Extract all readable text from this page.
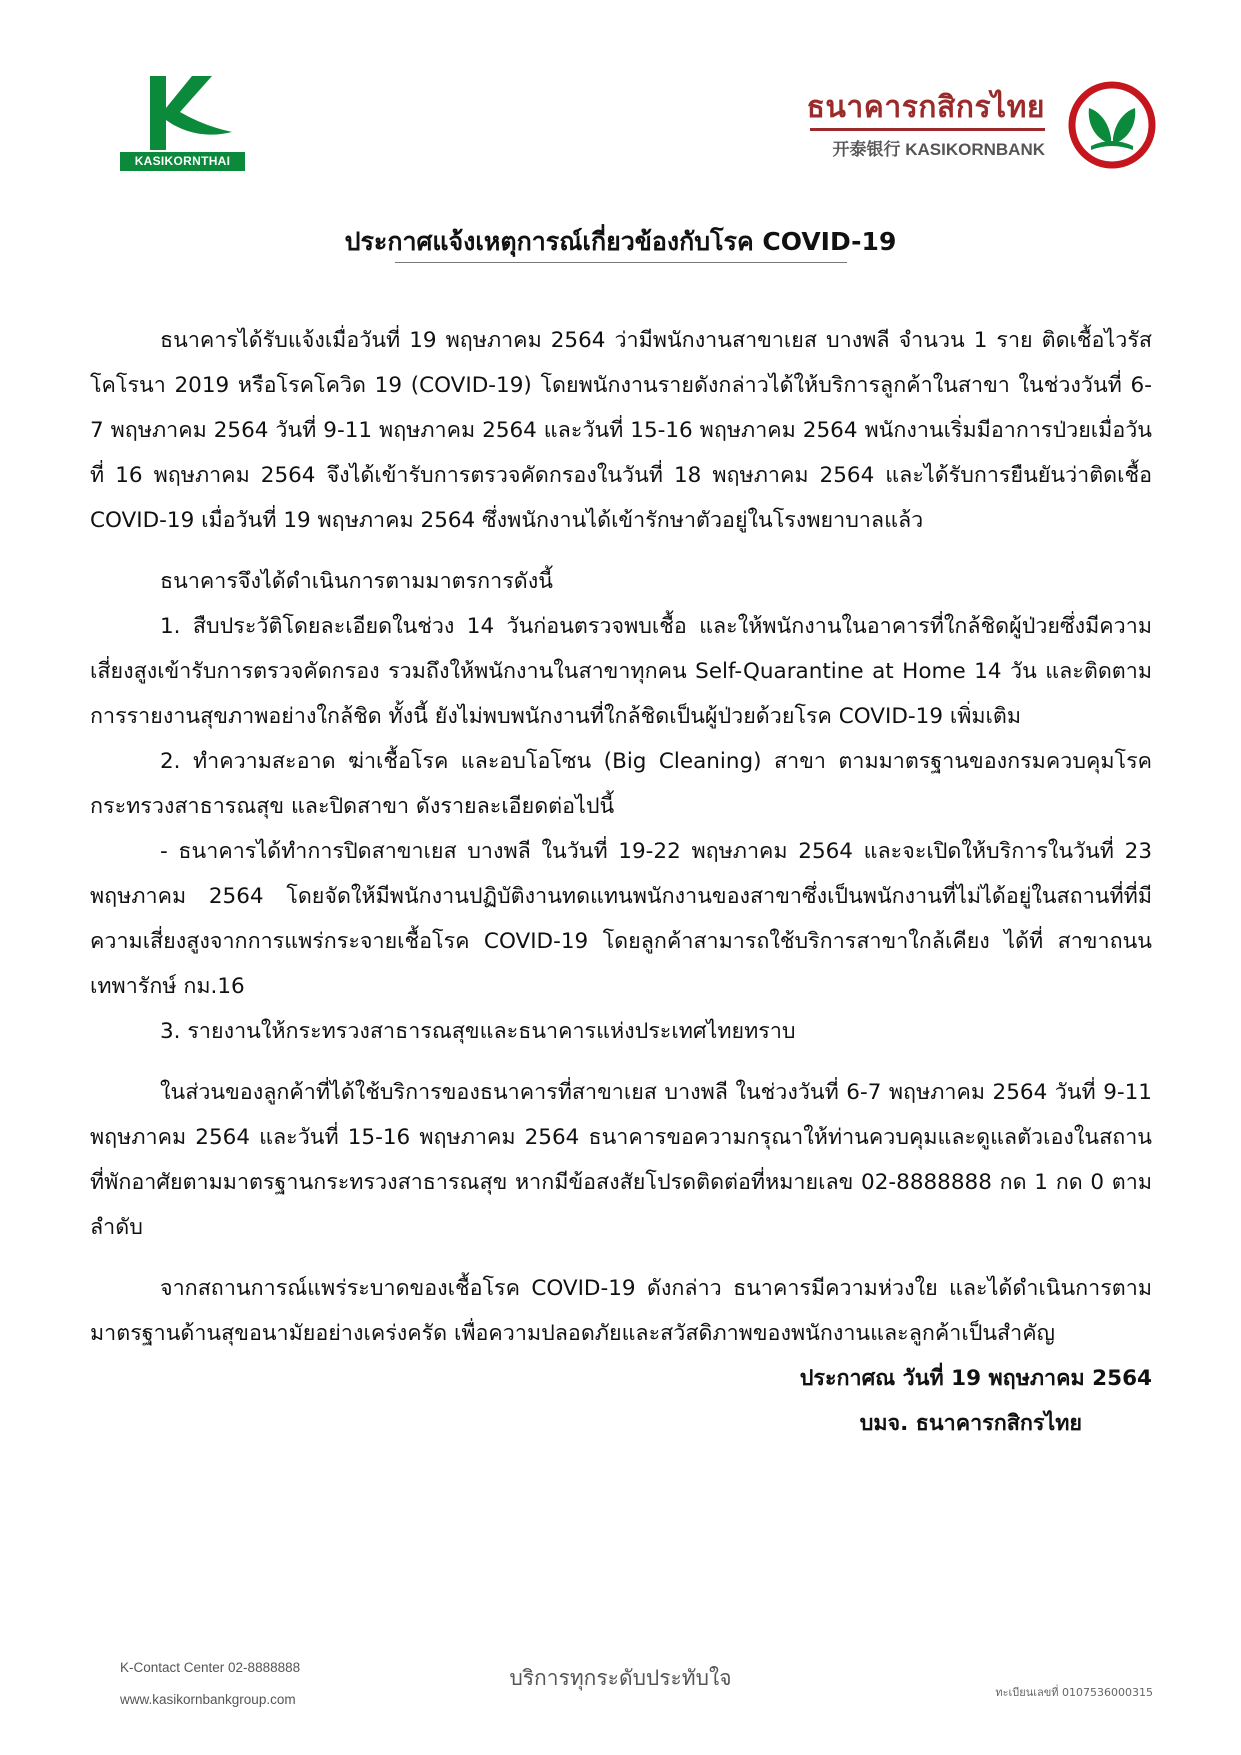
KASIKORNTHAI
ธนาคารกสิกรไทย
开泰银行 KASIKORNBANK
ประกาศแจ้งเหตุการณ์เกี่ยวข้องกับโรค COVID-19

ธนาคารได้รับแจ้งเมื่อวันที่ 19 พฤษภาคม 2564 ว่ามีพนักงานสาขาเยส บางพลี จำนวน 1 ราย ติดเชื้อไวรัสโคโรนา 2019 หรือโรคโควิด 19 (COVID-19) โดยพนักงานรายดังกล่าวได้ให้บริการลูกค้าในสาขา ในช่วงวันที่ 6-7 พฤษภาคม 2564 วันที่ 9-11 พฤษภาคม 2564 และวันที่ 15-16 พฤษภาคม 2564 พนักงานเริ่มมีอาการป่วยเมื่อวันที่ 16 พฤษภาคม 2564 จึงได้เข้ารับการตรวจคัดกรองในวันที่ 18 พฤษภาคม 2564 และได้รับการยืนยันว่าติดเชื้อ COVID-19 เมื่อวันที่ 19 พฤษภาคม 2564 ซึ่งพนักงานได้เข้ารักษาตัวอยู่ในโรงพยาบาลแล้ว

ธนาคารจึงได้ดำเนินการตามมาตรการดังนี้

1. สืบประวัติโดยละเอียดในช่วง 14 วันก่อนตรวจพบเชื้อ และให้พนักงานในอาคารที่ใกล้ชิดผู้ป่วยซึ่งมีความเสี่ยงสูงเข้ารับการตรวจคัดกรอง รวมถึงให้พนักงานในสาขาทุกคน Self-Quarantine at Home 14 วัน และติดตามการรายงานสุขภาพอย่างใกล้ชิด ทั้งนี้ ยังไม่พบพนักงานที่ใกล้ชิดเป็นผู้ป่วยด้วยโรค COVID-19 เพิ่มเติม

2. ทำความสะอาด ฆ่าเชื้อโรค และอบโอโซน (Big Cleaning) สาขา ตามมาตรฐานของกรมควบคุมโรค กระทรวงสาธารณสุข และปิดสาขา ดังรายละเอียดต่อไปนี้

- ธนาคารได้ทำการปิดสาขาเยส บางพลี ในวันที่ 19-22 พฤษภาคม 2564 และจะเปิดให้บริการในวันที่ 23 พฤษภาคม 2564 โดยจัดให้มีพนักงานปฏิบัติงานทดแทนพนักงานของสาขาซึ่งเป็นพนักงานที่ไม่ได้อยู่ในสถานที่ที่มีความเสี่ยงสูงจากการแพร่กระจายเชื้อโรค COVID-19 โดยลูกค้าสามารถใช้บริการสาขาใกล้เคียง ได้ที่ สาขาถนนเทพารักษ์ กม.16

3. รายงานให้กระทรวงสาธารณสุขและธนาคารแห่งประเทศไทยทราบ

ในส่วนของลูกค้าที่ได้ใช้บริการของธนาคารที่สาขาเยส บางพลี ในช่วงวันที่ 6-7 พฤษภาคม 2564 วันที่ 9-11 พฤษภาคม 2564 และวันที่ 15-16 พฤษภาคม 2564 ธนาคารขอความกรุณาให้ท่านควบคุมและดูแลตัวเองในสถานที่พักอาศัยตามมาตรฐานกระทรวงสาธารณสุข หากมีข้อสงสัยโปรดติดต่อที่หมายเลข 02-8888888 กด 1 กด 0 ตามลำดับ

จากสถานการณ์แพร่ระบาดของเชื้อโรค COVID-19 ดังกล่าว ธนาคารมีความห่วงใย และได้ดำเนินการตามมาตรฐานด้านสุขอนามัยอย่างเคร่งครัด เพื่อความปลอดภัยและสวัสดิภาพของพนักงานและลูกค้าเป็นสำคัญ

ประกาศณ วันที่ 19 พฤษภาคม 2564

บมจ. ธนาคารกสิกรไทย

K-Contact Center 02-8888888
www.kasikornbankgroup.com
บริการทุกระดับประทับใจ
ทะเบียนเลขที่ 0107536000315
